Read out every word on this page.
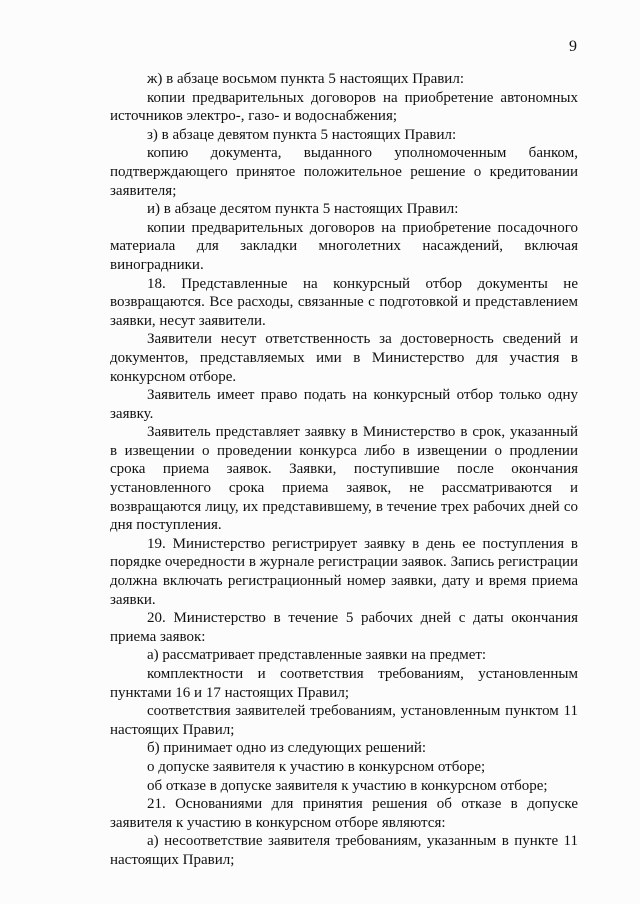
9

ж) в абзаце восьмом пункта 5 настоящих Правил:

копии предварительных договоров на приобретение автономных источников электро-, газо- и водоснабжения;

з) в абзаце девятом пункта 5 настоящих Правил:

копию документа, выданного уполномоченным банком, подтверждающего принятое положительное решение о кредитовании заявителя;

и) в абзаце десятом пункта 5 настоящих Правил:

копии предварительных договоров на приобретение посадочного материала для закладки многолетних насаждений, включая виноградники.

18. Представленные на конкурсный отбор документы не возвращаются. Все расходы, связанные с подготовкой и представлением заявки, несут заявители.

Заявители несут ответственность за достоверность сведений и документов, представляемых ими в Министерство для участия в конкурсном отборе.

Заявитель имеет право подать на конкурсный отбор только одну заявку.

Заявитель представляет заявку в Министерство в срок, указанный в извещении о проведении конкурса либо в извещении о продлении срока приема заявок. Заявки, поступившие после окончания установленного срока приема заявок, не рассматриваются и возвращаются лицу, их представившему, в течение трех рабочих дней со дня поступления.

19. Министерство регистрирует заявку в день ее поступления в порядке очередности в журнале регистрации заявок. Запись регистрации должна включать регистрационный номер заявки, дату и время приема заявки.

20. Министерство в течение 5 рабочих дней с даты окончания приема заявок:

а) рассматривает представленные заявки на предмет:

комплектности и соответствия требованиям, установленным пунктами 16 и 17 настоящих Правил;

соответствия заявителей требованиям, установленным пунктом 11 настоящих Правил;

б) принимает одно из следующих решений:

о допуске заявителя к участию в конкурсном отборе;

об отказе в допуске заявителя к участию в конкурсном отборе;

21. Основаниями для принятия решения об отказе в допуске заявителя к участию в конкурсном отборе являются:

а) несоответствие заявителя требованиям, указанным в пункте 11 настоящих Правил;
